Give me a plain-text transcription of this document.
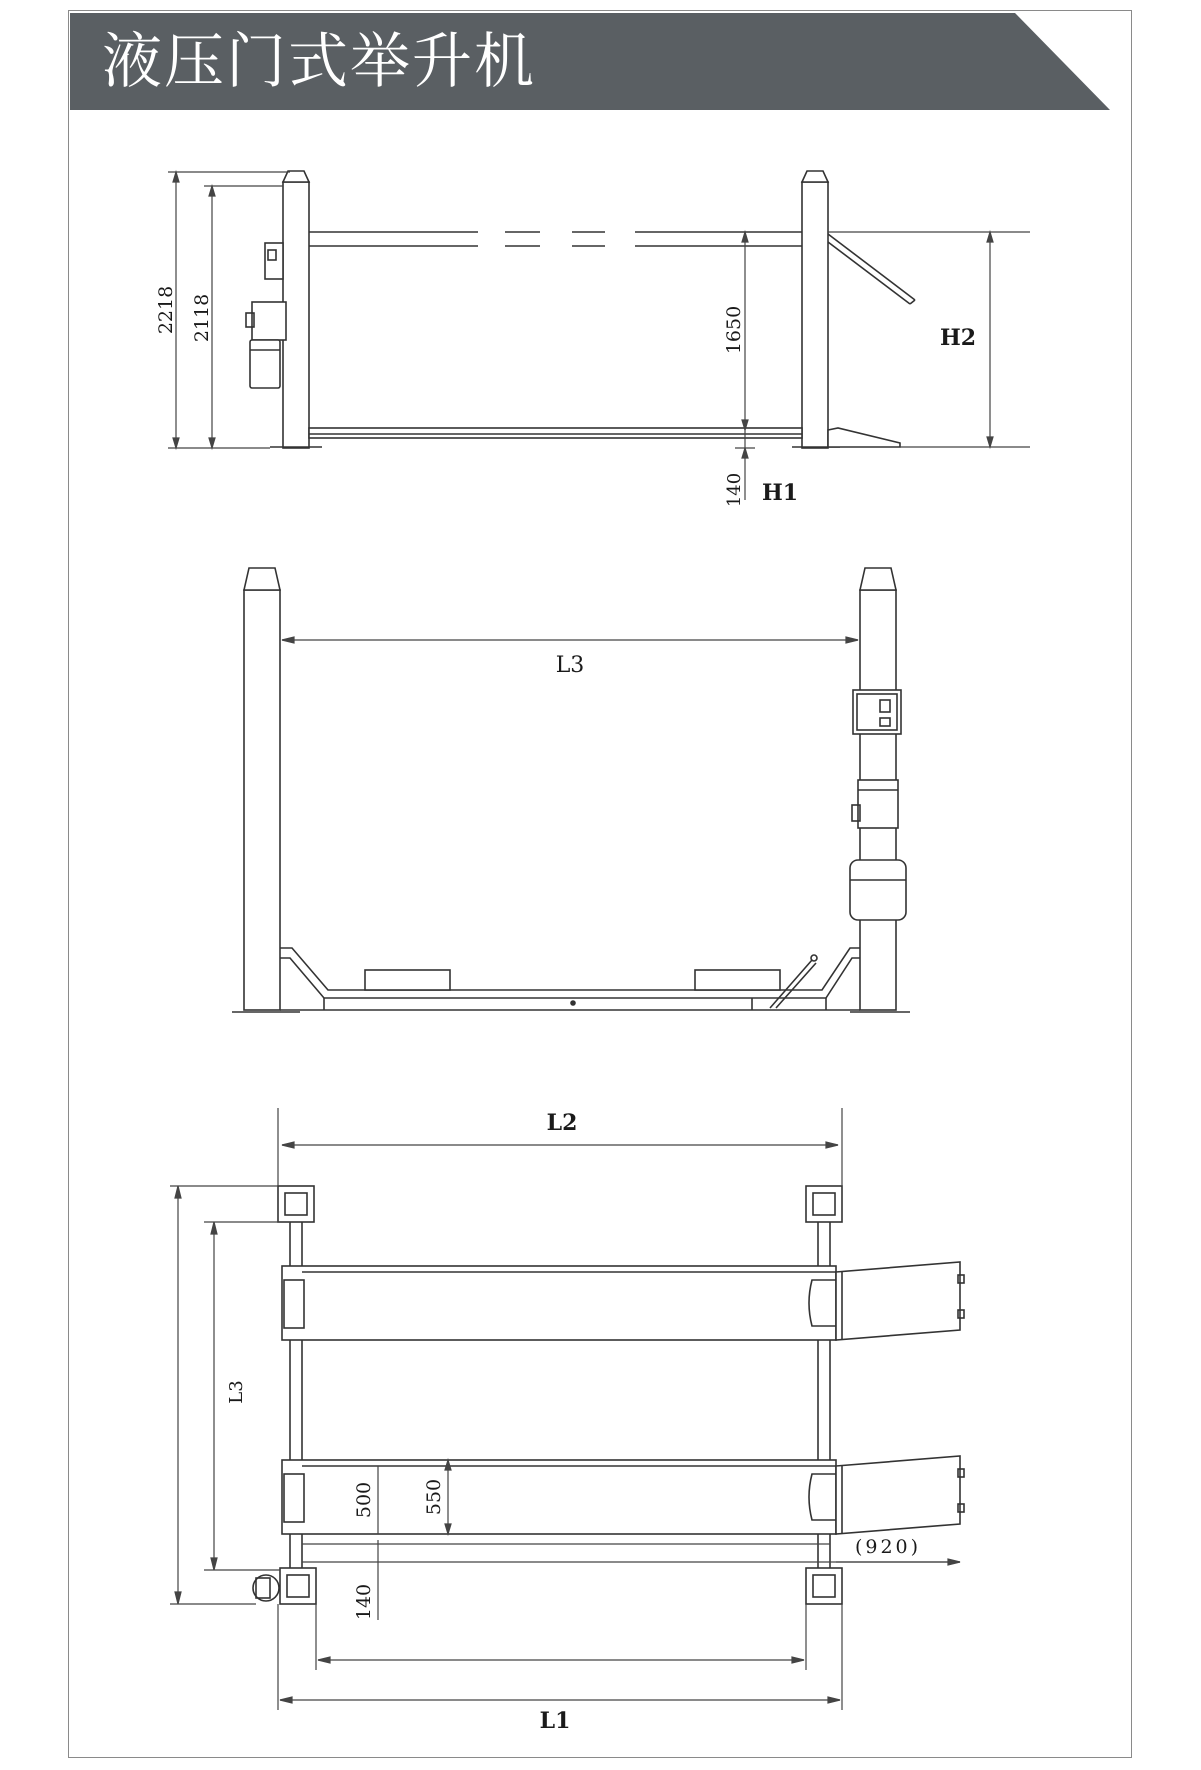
液压门式举升机
2218 2118	1650
140 H1
H2
L3
L2
L1
L3
500	550
140
(920)
